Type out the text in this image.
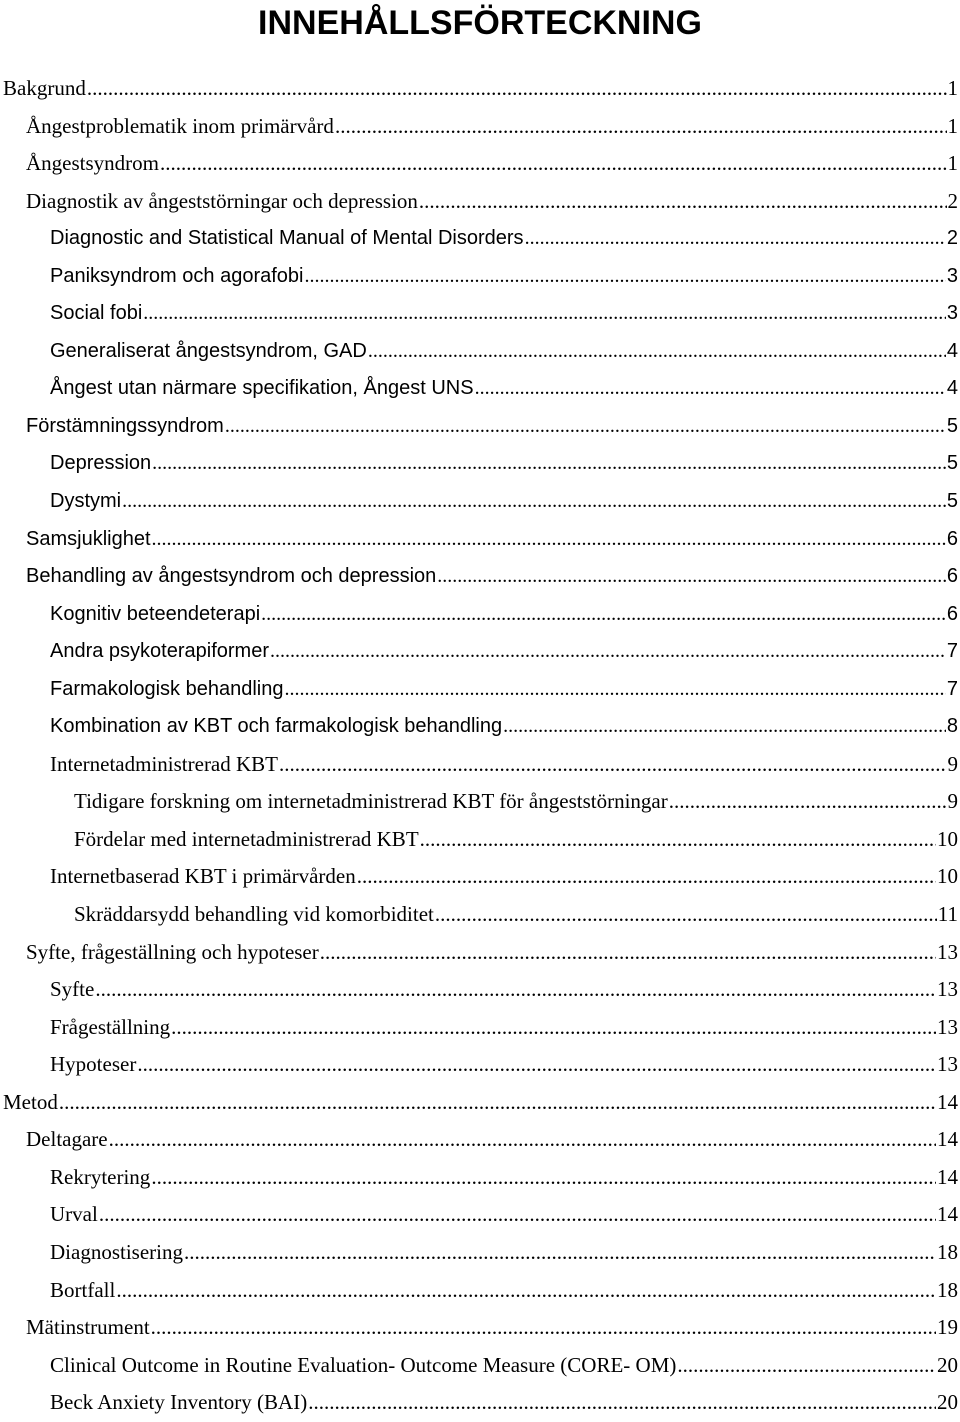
INNEHÅLLSFÖRTECKNING
Bakgrund .....	1
Ångestproblematik inom primärvård .....	1
Ångestsyndrom .....	1
Diagnostik av ångeststörningar och depression .....	2
Diagnostic and Statistical Manual of Mental Disorders .....	2
Paniksyndrom och agorafobi .....	3
Social fobi .....	3
Generaliserat ångestsyndrom, GAD .....	4
Ångest utan närmare specifikation, Ångest UNS .....	4
Förstämningssyndrom .....	5
Depression .....	5
Dystymi .....	5
Samsjuklighet .....	6
Behandling av ångestsyndrom och depression .....	6
Kognitiv beteendeterapi .....	6
Andra psykoterapiformer .....	7
Farmakologisk behandling .....	7
Kombination av KBT och farmakologisk behandling .....	8
Internetadministrerad KBT .....	9
Tidigare forskning om internetadministrerad KBT för ångeststörningar .....	9
Fördelar med internetadministrerad KBT .....	10
Internetbaserad KBT i primärvården .....	10
Skräddarsydd behandling vid komorbiditet .....	11
Syfte, frågeställning och hypoteser .....	13
Syfte .....	13
Frågeställning .....	13
Hypoteser .....	13
Metod .....	14
Deltagare .....	14
Rekrytering .....	14
Urval .....	14
Diagnostisering .....	18
Bortfall .....	18
Mätinstrument .....	19
Clinical Outcome in Routine Evaluation- Outcome Measure (CORE- OM) .....	20
Beck Anxiety Inventory (BAI) .....	20
